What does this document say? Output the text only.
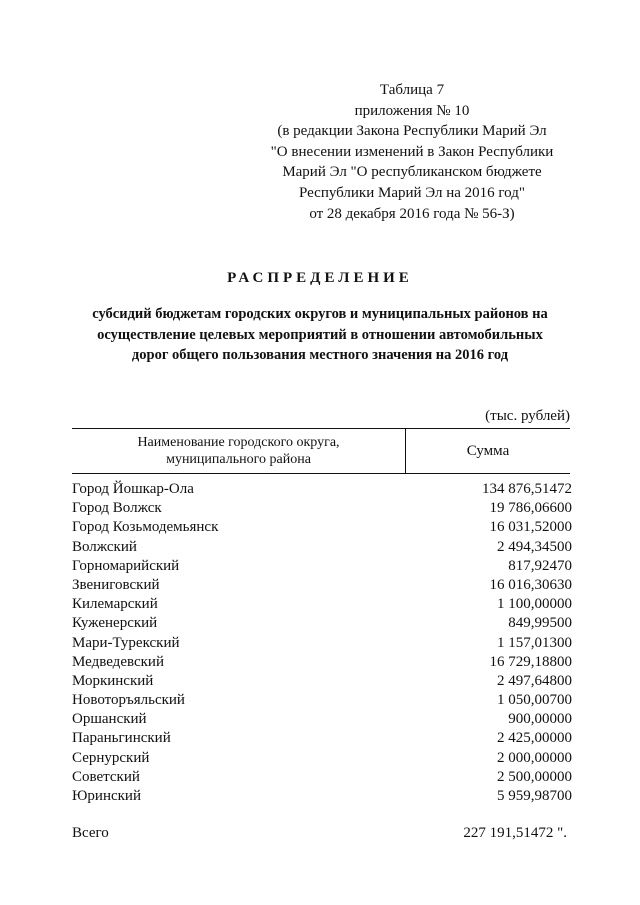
Таблица 7
приложения № 10
(в редакции Закона Республики Марий Эл
"О внесении изменений в Закон Республики
Марий Эл "О республиканском бюджете
Республики Марий Эл на 2016 год"
от 28 декабря 2016 года № 56-З)
РАСПРЕДЕЛЕНИЕ
субсидий бюджетам городских округов и муниципальных районов на
осуществление целевых мероприятий в отношении автомобильных
дорог общего пользования местного значения на 2016 год
(тыс. рублей)
Наименование городского округа,
муниципального района
Сумма
Город Йошкар-Ола	134 876,51472
Город Волжск	19 786,06600
Город Козьмодемьянск	16 031,52000
Волжский	2 494,34500
Горномарийский	817,92470
Звениговский	16 016,30630
Килемарский	1 100,00000
Куженерский	849,99500
Мари-Турекский	1 157,01300
Медведевский	16 729,18800
Моркинский	2 497,64800
Новоторъяльский	1 050,00700
Оршанский	900,00000
Параньгинский	2 425,00000
Сернурский	2 000,00000
Советский	2 500,00000
Юринский	5 959,98700
Всего	227 191,51472 ".
